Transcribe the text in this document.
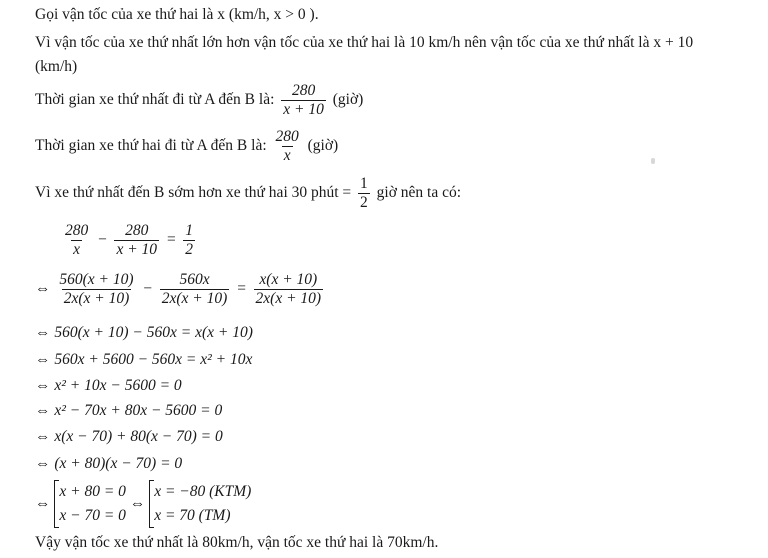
Gọi vận tốc của xe thứ hai là x (km/h, x > 0 ).
Vì vận tốc của xe thứ nhất lớn hơn vận tốc của xe thứ hai là 10 km/h nên vận tốc của xe thứ nhất là x + 10
(km/h)
Thời gian xe thứ nhất đi từ A đến B là: $\frac{280}{x + 10}$ (giờ)
Thời gian xe thứ hai đi từ A đến B là: $\frac{280}{x}$ (giờ)
Vì xe thứ nhất đến B sớm hơn xe thứ hai 30 phút = $\frac{1}{2}$ giờ nên ta có:
$\frac{280}{x} - \frac{280}{x + 10} = \frac{1}{2}$
⇔ $\frac{560(x + 10)}{2x(x + 10)} - \frac{560x}{2x(x + 10)} = \frac{x(x + 10)}{2x(x + 10)}$
⇔ 560(x + 10) − 560x = x(x + 10)
⇔ 560x + 5600 − 560x = x² + 10x
⇔ x² + 10x − 5600 = 0
⇔ x² − 70x + 80x − 5600 = 0
⇔ x(x − 70) + 80(x − 70) = 0
⇔ (x + 80)(x − 70) = 0
⇔
x + 80 = 0
x − 70 = 0
⇔
x = −80 (KTM)
x = 70 (TM)
Vậy vận tốc xe thứ nhất là 80km/h, vận tốc xe thứ hai là 70km/h.
